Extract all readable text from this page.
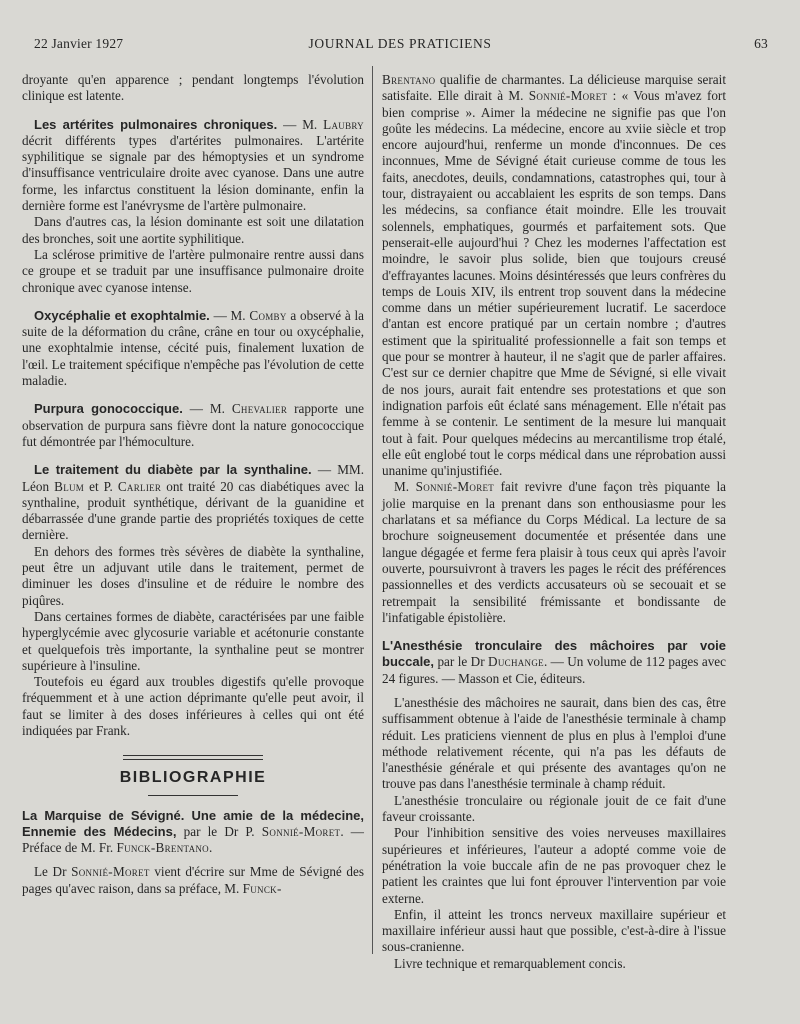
22 Janvier 1927	JOURNAL DES PRATICIENS	63

droyante qu'en apparence ; pendant longtemps l'évolution clinique est latente.

Les artérites pulmonaires chroniques. — M. Laubry décrit différents types d'artérites pulmonaires. L'artérite syphilitique se signale par des hémoptysies et un syndrome d'insuffisance ventriculaire droite avec cyanose. Dans une autre forme, les infarctus constituent la lésion dominante, enfin la dernière forme est l'anévrysme de l'artère pulmonaire.

Dans d'autres cas, la lésion dominante est soit une dilatation des bronches, soit une aortite syphilitique.

La sclérose primitive de l'artère pulmonaire rentre aussi dans ce groupe et se traduit par une insuffisance pulmonaire droite chronique avec cyanose intense.

Oxycéphalie et exophtalmie. — M. Comby a observé à la suite de la déformation du crâne, crâne en tour ou oxycéphalie, une exophtalmie intense, cécité puis, finalement luxation de l'œil. Le traitement spécifique n'empêche pas l'évolution de cette maladie.

Purpura gonococcique. — M. Chevalier rapporte une observation de purpura sans fièvre dont la nature gonococcique fut démontrée par l'hémoculture.

Le traitement du diabète par la synthaline. — MM. Léon Blum et P. Carlier ont traité 20 cas diabétiques avec la synthaline, produit synthétique, dérivant de la guanidine et débarrassée d'une grande partie des propriétés toxiques de cette dernière.

En dehors des formes très sévères de diabète la synthaline, peut être un adjuvant utile dans le traitement, permet de diminuer les doses d'insuline et de réduire le nombre des piqûres.

Dans certaines formes de diabète, caractérisées par une faible hyperglycémie avec glycosurie variable et acétonurie constante et quelquefois très importante, la synthaline peut se montrer supérieure à l'insuline.

Toutefois eu égard aux troubles digestifs qu'elle provoque fréquemment et à une action déprimante qu'elle peut avoir, il faut se limiter à des doses inférieures à celles qui ont été indiquées par Frank.

BIBLIOGRAPHIE

La Marquise de Sévigné. Une amie de la médecine, Ennemie des Médecins, par le Dr P. Sonnié-Moret. — Préface de M. Fr. Funck-Brentano.

Le Dr Sonnié-Moret vient d'écrire sur Mme de Sévigné des pages qu'avec raison, dans sa préface, M. Funck-

Brentano qualifie de charmantes. La délicieuse marquise serait satisfaite. Elle dirait à M. Sonnié-Moret : « Vous m'avez fort bien comprise ». Aimer la médecine ne signifie pas que l'on goûte les médecins. La médecine, encore au xviie siècle et trop encore aujourd'hui, renferme un monde d'inconnues. De ces inconnues, Mme de Sévigné était curieuse comme de tous les faits, anecdotes, deuils, condamnations, catastrophes qui, tour à tour, distrayaient ou accablaient les esprits de son temps. Dans les médecins, sa confiance était moindre. Elle les trouvait solennels, emphatiques, gourmés et parfaitement sots. Que penserait-elle aujourd'hui ? Chez les modernes l'affectation est moindre, le savoir plus solide, bien que toujours creusé d'effrayantes lacunes. Moins désintéressés que leurs confrères du temps de Louis XIV, ils entrent trop souvent dans la médecine comme dans un métier supérieurement lucratif. Le sacerdoce d'antan est encore pratiqué par un certain nombre ; d'autres estiment que la spiritualité professionnelle a fait son temps et que pour se montrer à hauteur, il ne s'agit que de parler affaires. C'est sur ce dernier chapitre que Mme de Sévigné, si elle vivait de nos jours, aurait fait entendre ses protestations et que son indignation parfois eût éclaté sans ménagement. Elle n'était pas femme à se contenir. Le sentiment de la mesure lui manquait tout à fait. Pour quelques médecins au mercantilisme trop étalé, elle eût englobé tout le corps médical dans une réprobation aussi unanime qu'injustifiée.

M. Sonnié-Moret fait revivre d'une façon très piquante la jolie marquise en la prenant dans son enthousiasme pour les charlatans et sa méfiance du Corps Médical. La lecture de sa brochure soigneusement documentée et présentée dans une langue dégagée et ferme fera plaisir à tous ceux qui après l'avoir ouverte, poursuivront à travers les pages le récit des préférences passionnelles et des verdicts accusateurs où se secouait et se retrempait la sensibilité frémissante et bondissante de l'infatigable épistolière.

L'Anesthésie tronculaire des mâchoires par voie buccale, par le Dr Duchange. — Un volume de 112 pages avec 24 figures. — Masson et Cie, éditeurs.

L'anesthésie des mâchoires ne saurait, dans bien des cas, être suffisamment obtenue à l'aide de l'anesthésie terminale à champ réduit. Les praticiens viennent de plus en plus à l'emploi d'une méthode relativement récente, qui n'a pas les défauts de l'anesthésie générale et qui présente des avantages qu'on ne trouve pas dans l'anesthésie terminale à champ réduit.

L'anesthésie tronculaire ou régionale jouit de ce fait d'une faveur croissante.

Pour l'inhibition sensitive des voies nerveuses maxillaires supérieures et inférieures, l'auteur a adopté comme voie de pénétration la voie buccale afin de ne pas provoquer chez le patient les craintes que lui font éprouver l'intervention par voie externe.

Enfin, il atteint les troncs nerveux maxillaire supérieur et maxillaire inférieur aussi haut que possible, c'est-à-dire à l'issue sous-cranienne.

Livre technique et remarquablement concis.
